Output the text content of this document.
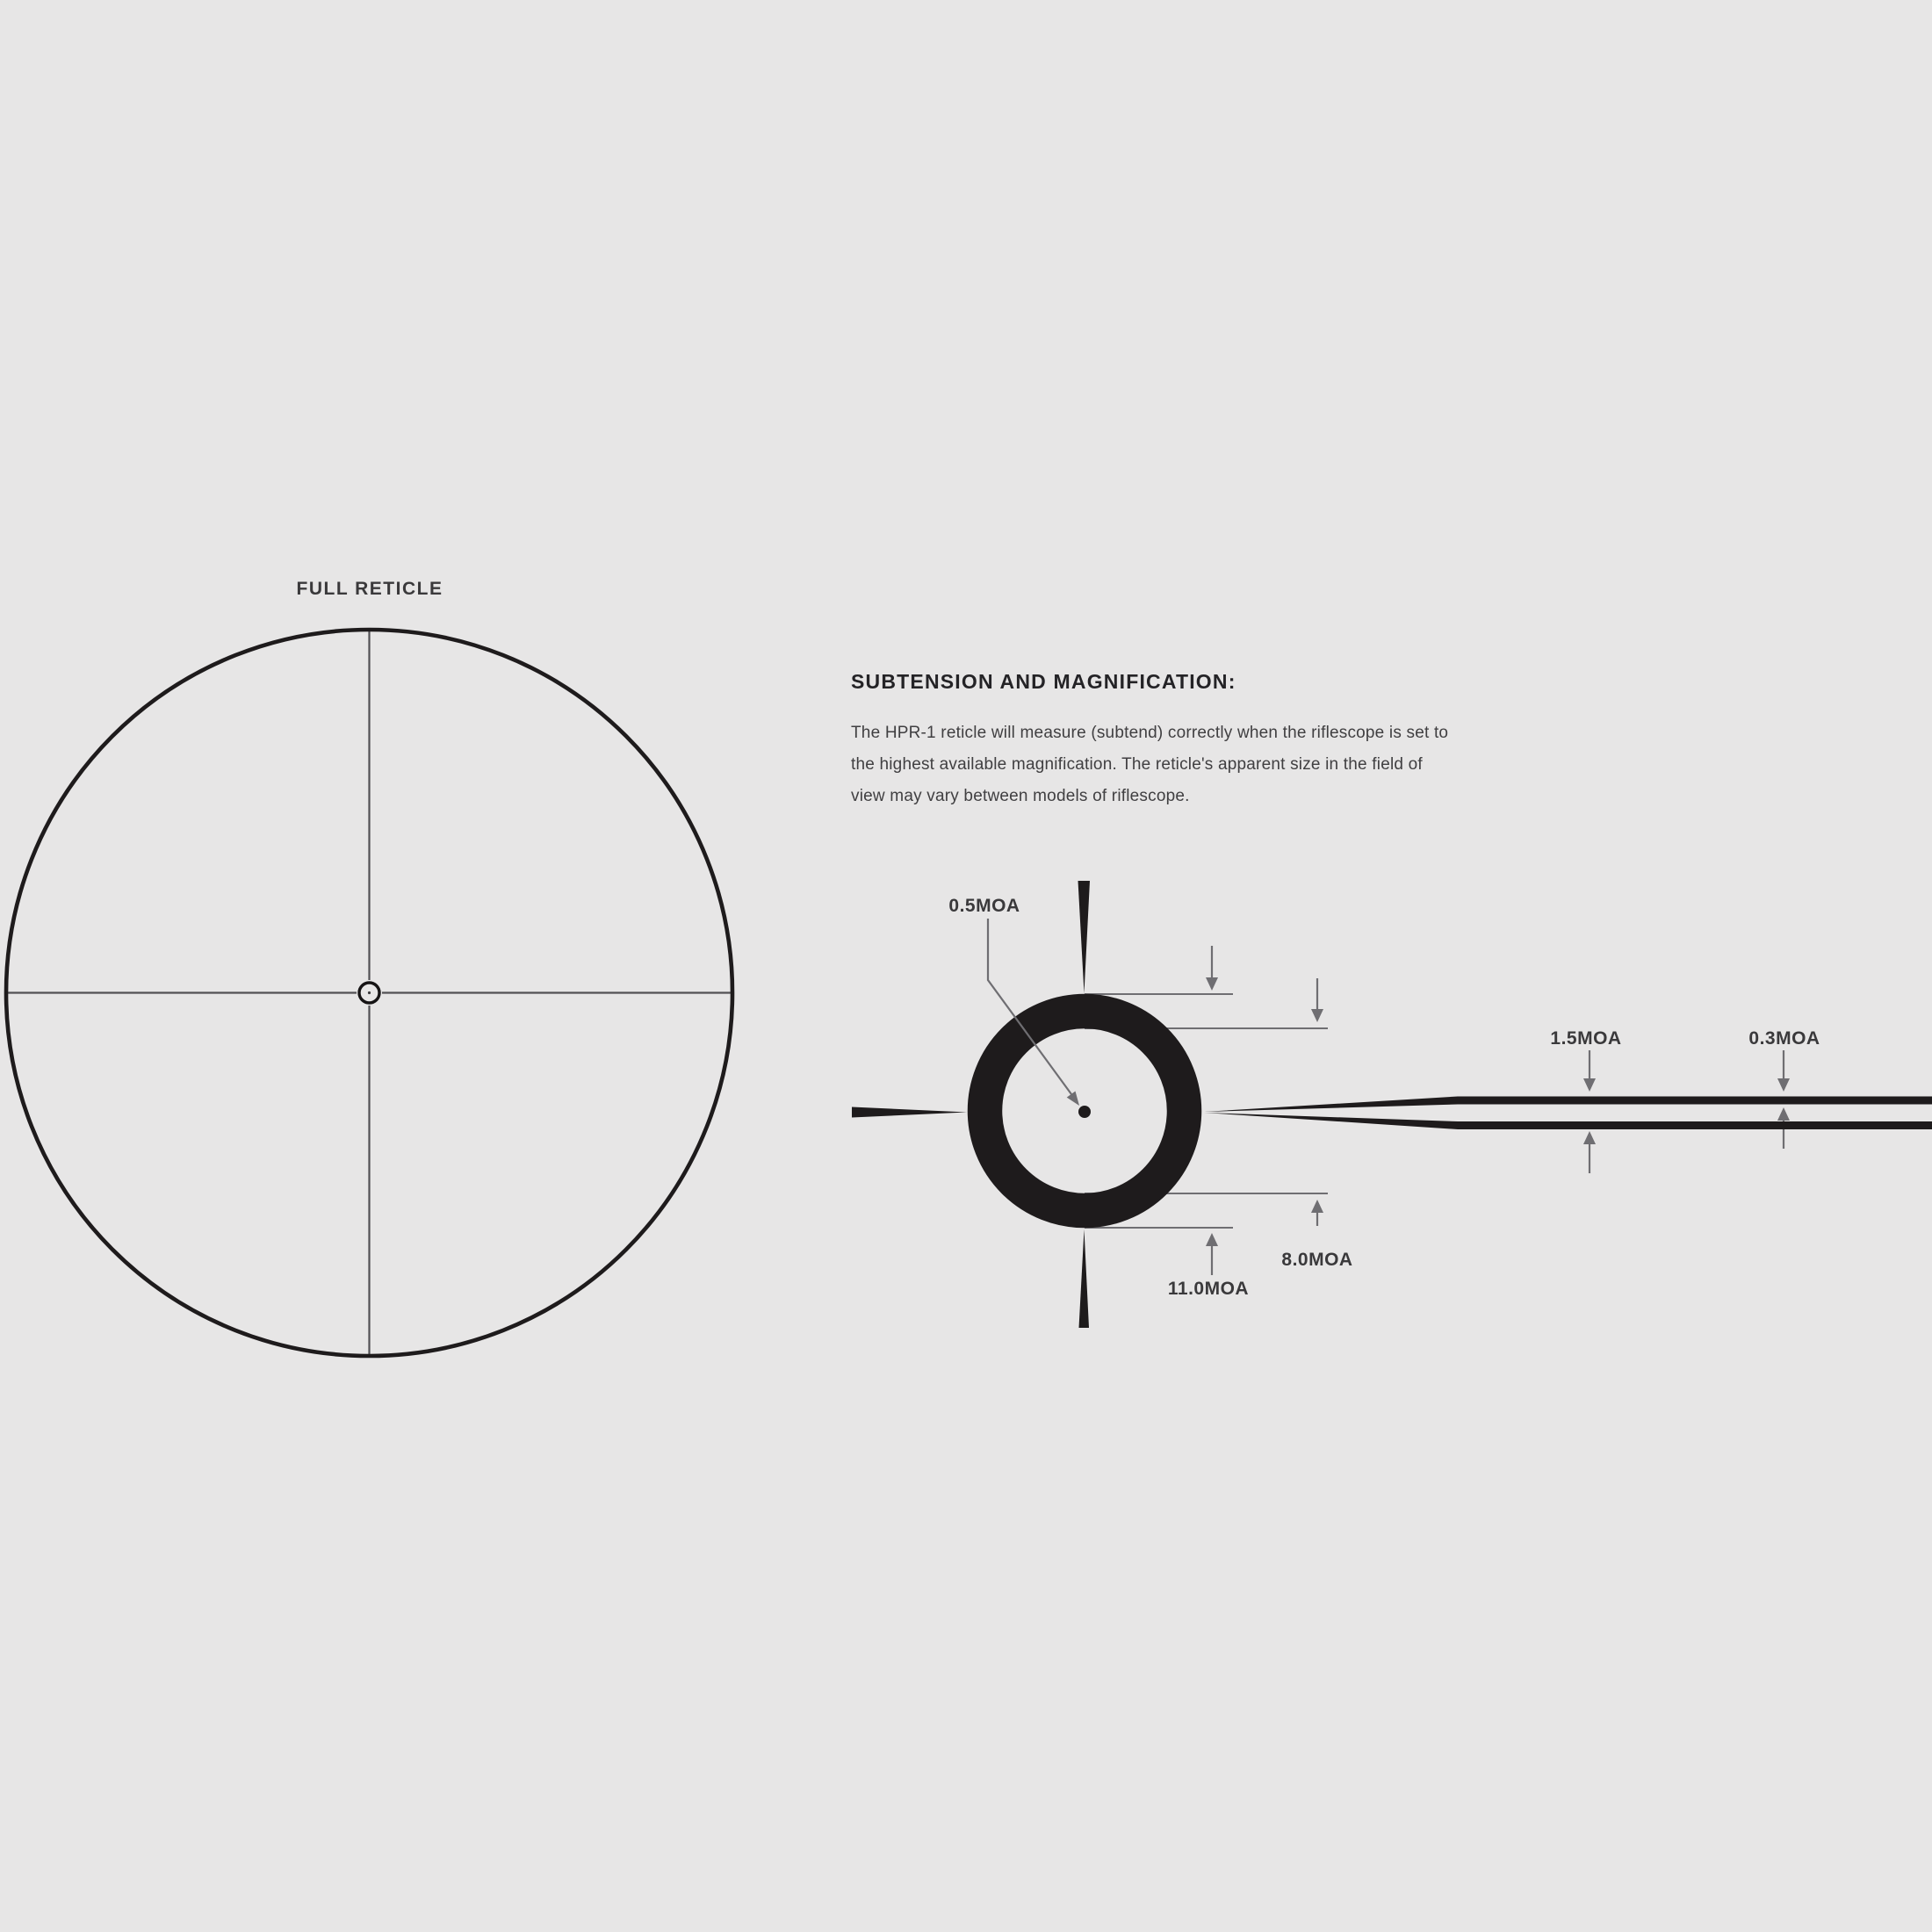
FULL RETICLE
SUBTENSION AND MAGNIFICATION:
The HPR-1 reticle will measure (subtend) correctly when the riflescope is set to
the highest available magnification. The reticle's apparent size in the field of
view may vary between models of riflescope.
0.5MOA
1.5MOA	0.3MOA
8.0MOA
11.0MOA
